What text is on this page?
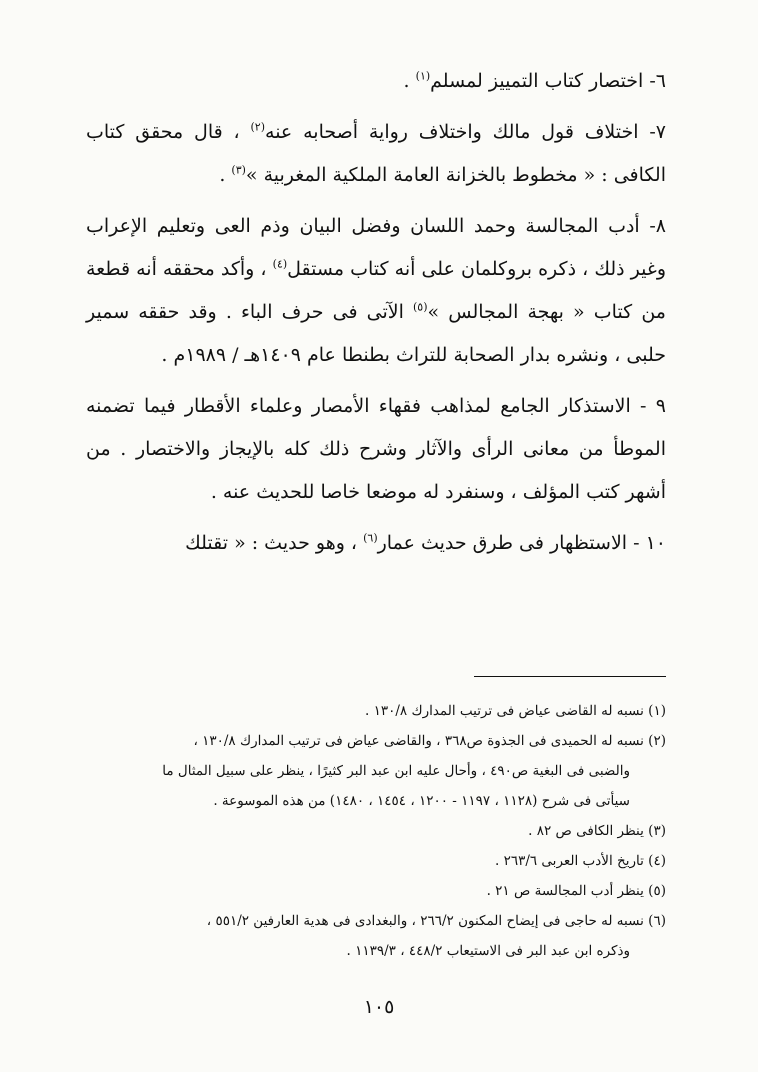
٦- اختصار كتاب التمييز لمسلم$^{(١)}$ .

٧- اختلاف قول مالك واختلاف رواية أصحابه عنه$^{(٢)}$ ، قال محقق كتاب الكافى : « مخطوط بالخزانة العامة الملكية المغربية »$^{(٣)}$ .

٨- أدب المجالسة وحمد اللسان وفضل البيان وذم العى وتعليم الإعراب وغير ذلك ، ذكره بروكلمان على أنه كتاب مستقل$^{(٤)}$ ، وأكد محققه أنه قطعة من كتاب « بهجة المجالس »$^{(٥)}$ الآتى فى حرف الباء . وقد حققه سمير حلبى ، ونشره بدار الصحابة للتراث بطنطا عام ١٤٠٩هـ / ١٩٨٩م .

٩ - الاستذكار الجامع لمذاهب فقهاء الأمصار وعلماء الأقطار فيما تضمنه الموطأ من معانى الرأى والآثار وشرح ذلك كله بالإيجاز والاختصار . من أشهر كتب المؤلف ، وسنفرد له موضعا خاصا للحديث عنه .

١٠ - الاستظهار فى طرق حديث عمار$^{(٦)}$ ، وهو حديث : « تقتلك

(١) نسبه له القاضى عياض فى ترتيب المدارك ١٣٠/٨ .

(٢) نسبه له الحميدى فى الجذوة ص٣٦٨ ، والقاضى عياض فى ترتيب المدارك ١٣٠/٨ ،

والضبى فى البغية ص٤٩٠ ، وأحال عليه ابن عبد البر كثيرًا ، ينظر على سبيل المثال ما

سيأتى فى شرح (١١٢٨ ، ١١٩٧ - ١٢٠٠ ، ١٤٥٤ ، ١٤٨٠) من هذه الموسوعة .

(٣) ينظر الكافى ص ٨٢ .

(٤) تاريخ الأدب العربى ٢٦٣/٦ .

(٥) ينظر أدب المجالسة ص ٢١ .

(٦) نسبه له حاجى فى إيضاح المكنون ٢٦٦/٢ ، والبغدادى فى هدية العارفين ٥٥١/٢ ،

وذكره ابن عبد البر فى الاستيعاب ٤٤٨/٢ ، ١١٣٩/٣ .

١٠٥
